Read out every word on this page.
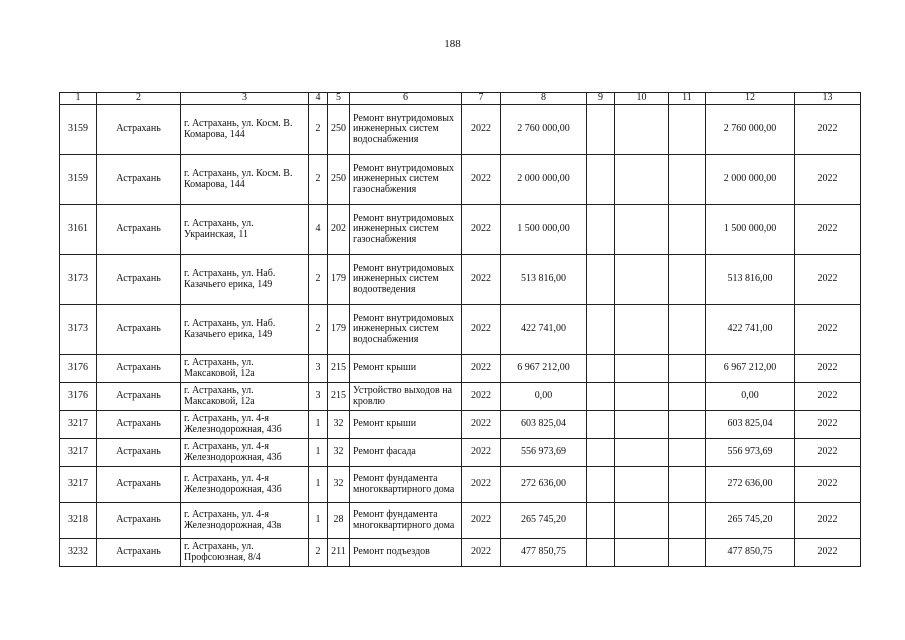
188
1	2	3	4	5	6	7	8	9	10	11	12	13
3159	Астрахань	г. Астрахань, ул. Косм. В. Комарова, 144	2	250	Ремонт внутридомовых инженерных систем водоснабжения	2022	2 760 000,00				2 760 000,00	2022
3159	Астрахань	г. Астрахань, ул. Косм. В. Комарова, 144	2	250	Ремонт внутридомовых инженерных систем газоснабжения	2022	2 000 000,00				2 000 000,00	2022
3161	Астрахань	г. Астрахань, ул. Украинская, 11	4	202	Ремонт внутридомовых инженерных систем газоснабжения	2022	1 500 000,00				1 500 000,00	2022
3173	Астрахань	г. Астрахань, ул. Наб. Казачьего ерика, 149	2	179	Ремонт внутридомовых инженерных систем водоотведения	2022	513 816,00				513 816,00	2022
3173	Астрахань	г. Астрахань, ул. Наб. Казачьего ерика, 149	2	179	Ремонт внутридомовых инженерных систем водоснабжения	2022	422 741,00				422 741,00	2022
3176	Астрахань	г. Астрахань, ул. Максаковой, 12а	3	215	Ремонт крыши	2022	6 967 212,00				6 967 212,00	2022
3176	Астрахань	г. Астрахань, ул. Максаковой, 12а	3	215	Устройство выходов на кровлю	2022	0,00				0,00	2022
3217	Астрахань	г. Астрахань, ул. 4-я Железнодорожная, 43б	1	32	Ремонт крыши	2022	603 825,04				603 825,04	2022
3217	Астрахань	г. Астрахань, ул. 4-я Железнодорожная, 43б	1	32	Ремонт фасада	2022	556 973,69				556 973,69	2022
3217	Астрахань	г. Астрахань, ул. 4-я Железнодорожная, 43б	1	32	Ремонт фундамента многоквартирного дома	2022	272 636,00				272 636,00	2022
3218	Астрахань	г. Астрахань, ул. 4-я Железнодорожная, 43в	1	28	Ремонт фундамента многоквартирного дома	2022	265 745,20				265 745,20	2022
3232	Астрахань	г. Астрахань, ул. Профсоюзная, 8/4	2	211	Ремонт подъездов	2022	477 850,75				477 850,75	2022
